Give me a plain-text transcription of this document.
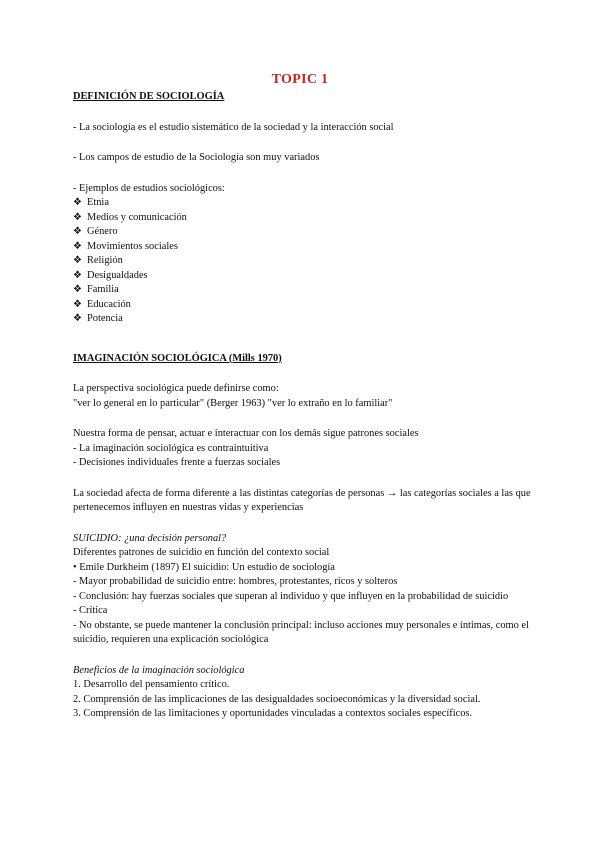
TOPIC 1

DEFINICIÓN DE SOCIOLOGÍA

- La sociología es el estudio sistemático de la sociedad y la interacción social

- Los campos de estudio de la Sociología son muy variados

- Ejemplos de estudios sociológicos:

❖ Etnia
❖ Medios y comunicación
❖ Género
❖ Movimientos sociales
❖ Religión
❖ Desigualdades
❖ Familia
❖ Educación
❖ Potencia

IMAGINACIÓN SOCIOLÓGICA (Mills 1970)

La perspectiva sociológica puede definirse como:

"ver lo general en lo particular" (Berger 1963) "ver lo extraño en lo familiar"

Nuestra forma de pensar, actuar e interactuar con los demás sigue patrones sociales

- La imaginación sociológica es contraintuitiva

- Decisiones individuales frente a fuerzas sociales

La sociedad afecta de forma diferente a las distintas categorías de personas → las categorías sociales a las que pertenecemos influyen en nuestras vidas y experiencias

SUICIDIO: ¿una decisión personal?

Diferentes patrones de suicidio en función del contexto social

• Emile Durkheim (1897) El suicidio: Un estudio de sociología

- Mayor probabilidad de suicidio entre: hombres, protestantes, ricos y solteros

- Conclusión: hay fuerzas sociales que superan al individuo y que influyen en la probabilidad de suicidio

- Crítica

- No obstante, se puede mantener la conclusión principal: incluso acciones muy personales e íntimas, como el suicidio, requieren una explicación sociológica

Beneficios de la imaginación sociológica

1. Desarrollo del pensamiento crítico.

2. Comprensión de las implicaciones de las desigualdades socioeconómicas y la diversidad social.

3. Comprensión de las limitaciones y oportunidades vinculadas a contextos sociales específicos.
